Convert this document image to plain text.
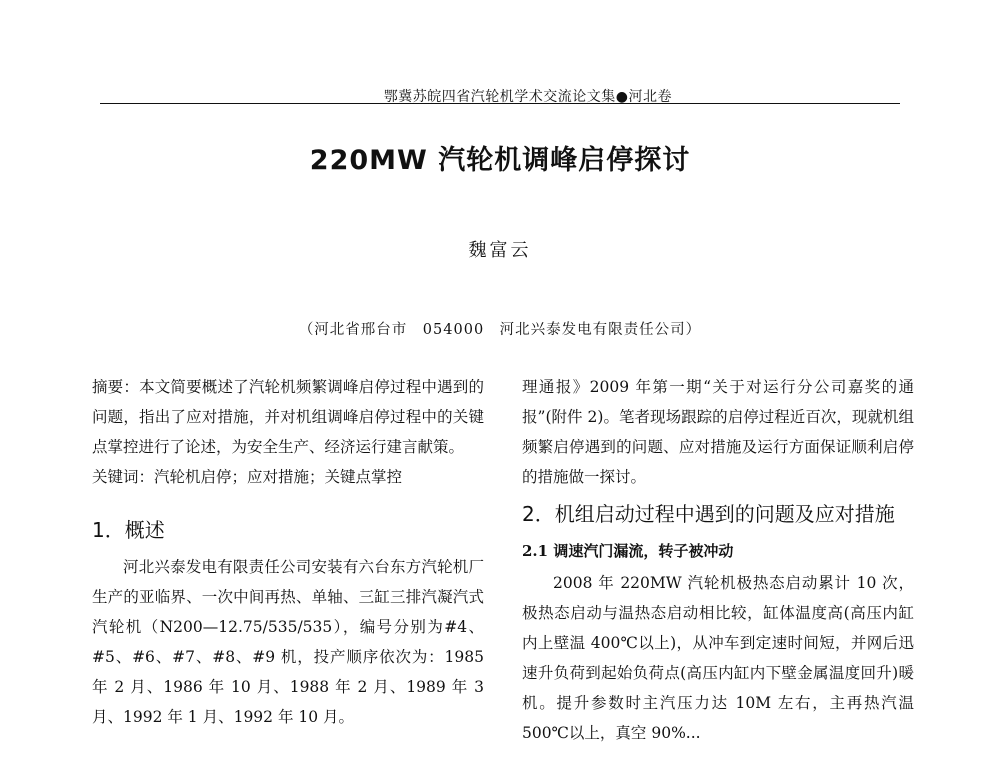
鄂冀苏皖四省汽轮机学术交流论文集●河北卷
220MW 汽轮机调峰启停探讨
魏富云
（河北省邢台市　054000　河北兴泰发电有限责任公司）

摘要：本文简要概述了汽轮机频繁调峰启停过程中遇到的问题，指出了应对措施，并对机组调峰启停过程中的关键点掌控进行了论述，为安全生产、经济运行建言献策。

关键词：汽轮机启停；应对措施；关键点掌控

1．概述

河北兴泰发电有限责任公司安装有六台东方汽轮机厂生产的亚临界、一次中间再热、单轴、三缸三排汽凝汽式汽轮机（N200—12.75/535/535），编号分别为#4、#5、#6、#7、#8、#9 机，投产顺序依次为：1985 年 2 月、1986 年 10 月、1988 年 2 月、1989 年 3 月、1992 年 1 月、1992 年 10 月。

理通报》2009 年第一期“关于对运行分公司嘉奖的通报”(附件 2)。笔者现场跟踪的启停过程近百次，现就机组频繁启停遇到的问题、应对措施及运行方面保证顺利启停的措施做一探讨。

2．机组启动过程中遇到的问题及应对措施
2.1 调速汽门漏流，转子被冲动

2008 年 220MW 汽轮机极热态启动累计 10 次，极热态启动与温热态启动相比较，缸体温度高(高压内缸内上壁温 400℃以上)，从冲车到定速时间短，并网后迅速升负荷到起始负荷点(高压内缸内下壁金属温度回升)暖机。提升参数时主汽压力达 10M 左右，主再热汽温 500℃以上，真空 90%...
